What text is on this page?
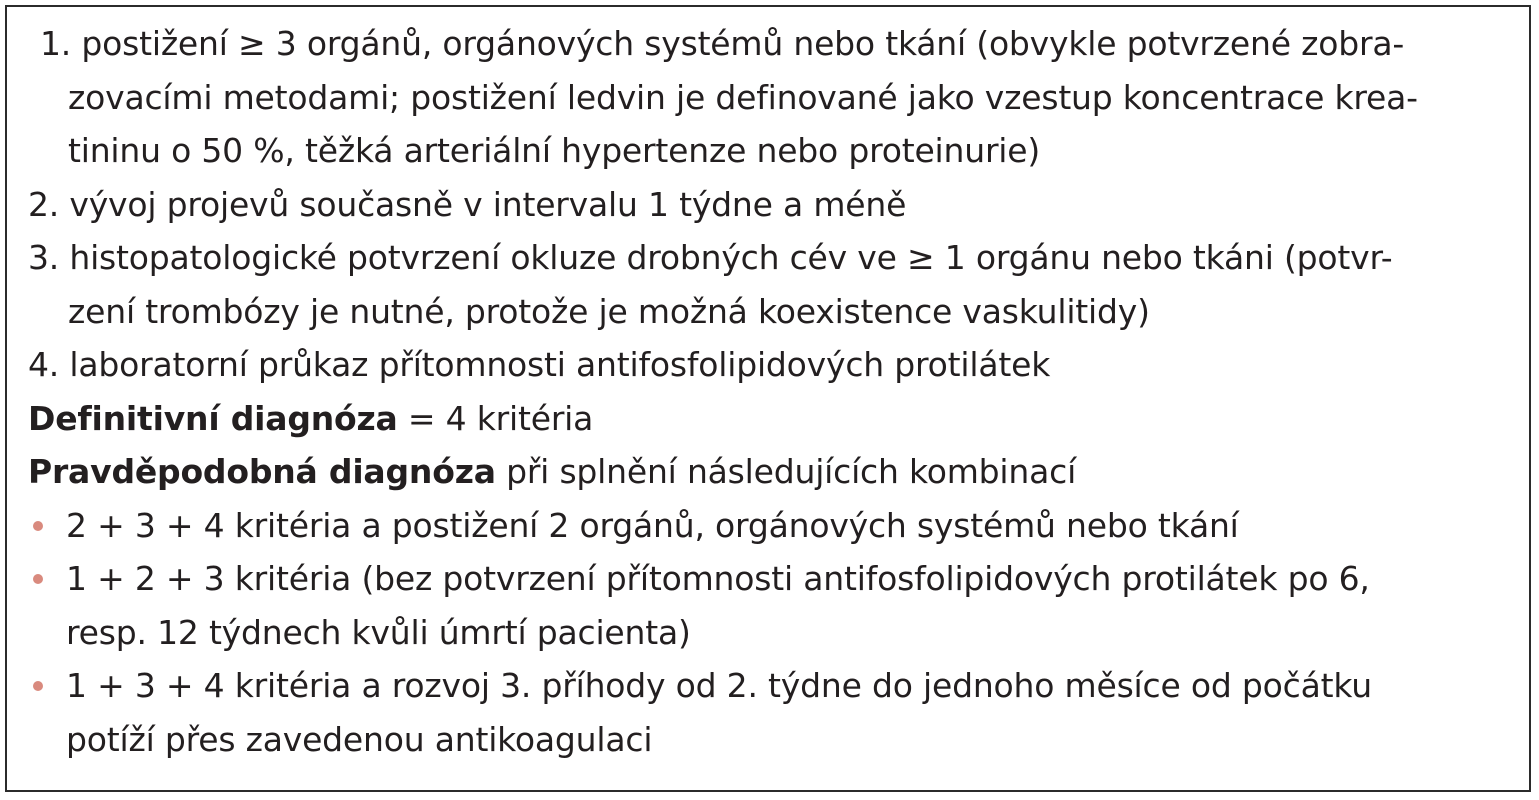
1. postižení ≥ 3 orgánů, orgánových systémů nebo tkání (obvykle potvrzené zobra-
zovacími metodami; postižení ledvin je definované jako vzestup koncentrace krea-
tininu o 50 %, těžká arteriální hypertenze nebo proteinurie)
2. vývoj projevů současně v intervalu 1 týdne a méně
3. histopatologické potvrzení okluze drobných cév ve ≥ 1 orgánu nebo tkáni (potvr-
zení trombózy je nutné, protože je možná koexistence vaskulitidy)
4. laboratorní průkaz přítomnosti antifosfolipidových protilátek
Definitivní diagnóza = 4 kritéria
Pravděpodobná diagnóza při splnění následujících kombinací
2 + 3 + 4 kritéria a postižení 2 orgánů, orgánových systémů nebo tkání
1 + 2 + 3 kritéria (bez potvrzení přítomnosti antifosfolipidových protilátek po 6,
resp. 12 týdnech kvůli úmrtí pacienta)
1 + 3 + 4 kritéria a rozvoj 3. příhody od 2. týdne do jednoho měsíce od počátku
potíží přes zavedenou antikoagulaci
